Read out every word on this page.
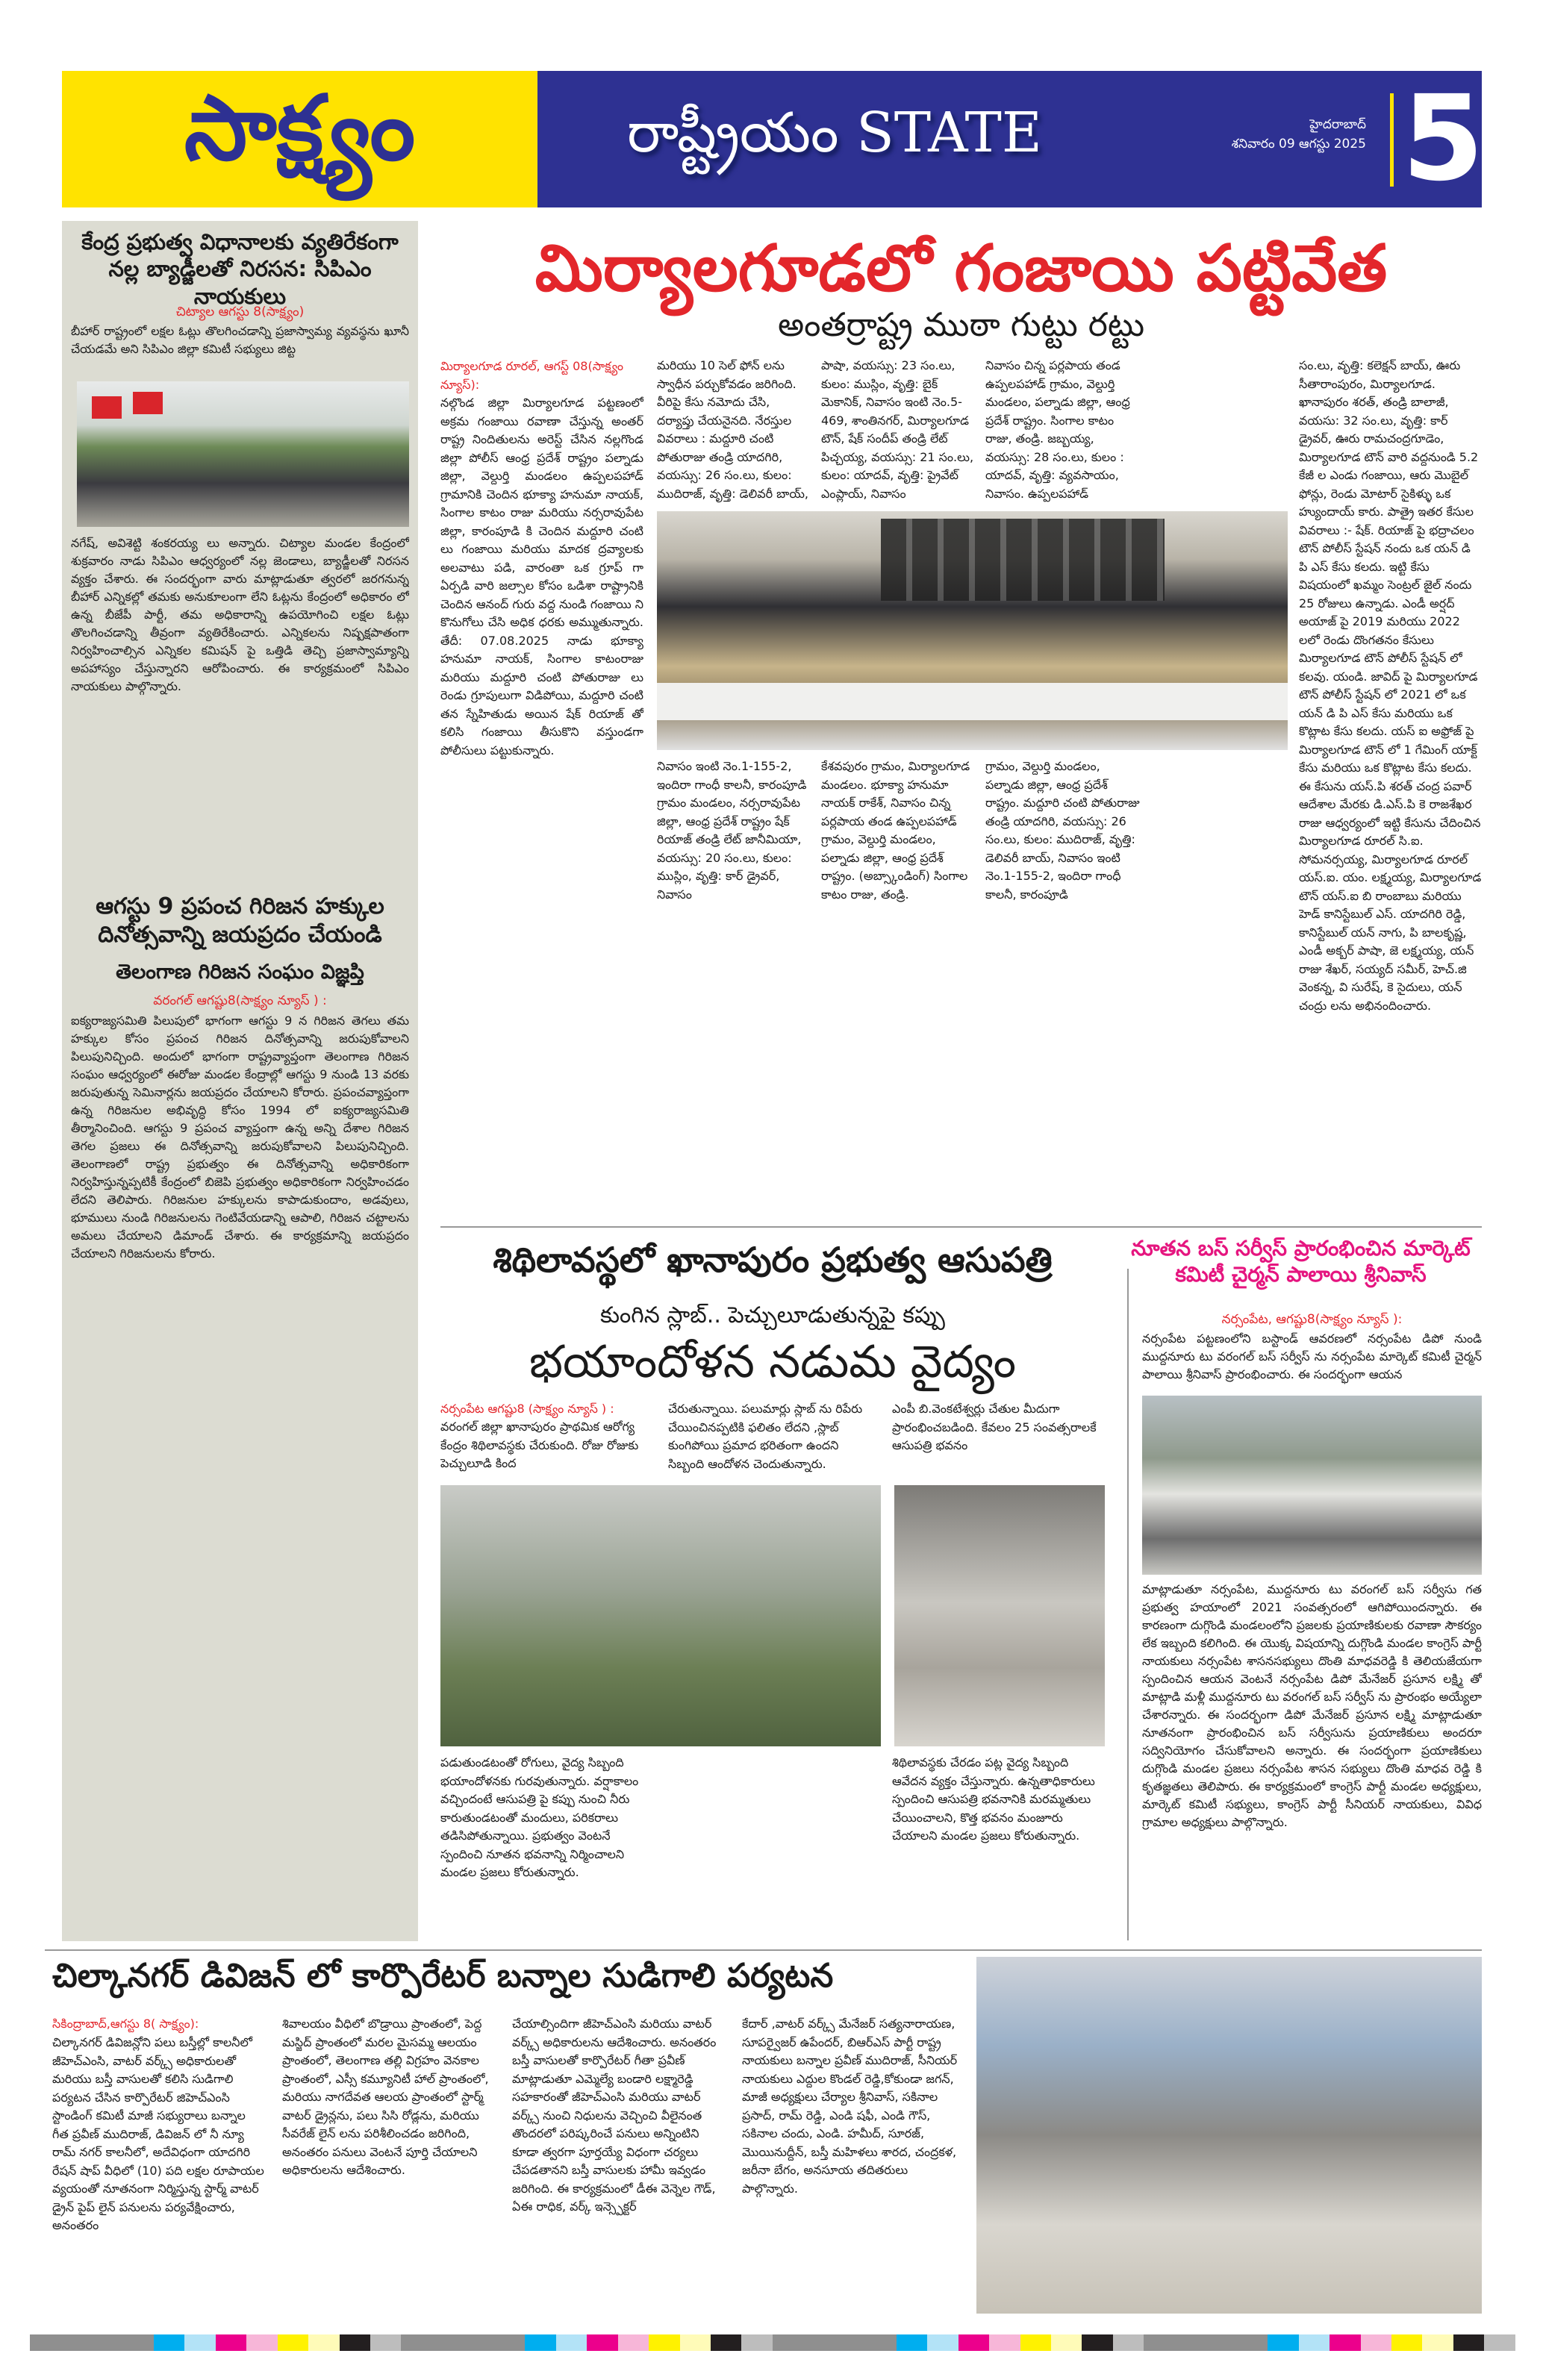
సాక్ష్యం	రాష్ట్రీయం STATE	హైదరాబాద్
శనివారం 09 ఆగస్టు 2025 5
కేంద్ర ప్రభుత్వ విధానాలకు వ్యతిరేకంగా నల్ల బ్యాడ్జీలతో నిరసన: సిపిఎం నాయకులు
చిట్యాల ఆగస్టు 8(సాక్ష్యం)
బీహార్ రాష్ట్రంలో లక్షల ఓట్లు తొలగించడాన్ని ప్రజాస్వామ్య వ్యవస్థను ఖూనీ చేయడమే అని సిపిఎం జిల్లా కమిటీ సభ్యులు జిట్ట
నగేష్, అవిశెట్టి శంకరయ్య లు అన్నారు. చిట్యాల మండల కేంద్రంలో శుక్రవారం నాడు సిపిఎం ఆధ్వర్యంలో నల్ల జెండాలు, బ్యాడ్జీలతో నిరసన వ్యక్తం చేశారు. ఈ సందర్భంగా వారు మాట్లాడుతూ త్వరలో జరగనున్న బీహార్ ఎన్నికల్లో తమకు అనుకూలంగా లేని ఓట్లను కేంద్రంలో అధికారం లో ఉన్న బీజేపీ పార్టీ, తమ అధికారాన్ని ఉపయోగించి లక్షల ఓట్లు తొలగించడాన్ని తీవ్రంగా వ్యతిరేకించారు. ఎన్నికలను నిష్పక్షపాతంగా నిర్వహించాల్సిన ఎన్నికల కమిషన్ పై ఒత్తిడి తెచ్చి ప్రజాస్వామ్యాన్ని అపహాస్యం చేస్తున్నారని ఆరోపించారు. ఈ కార్యక్రమంలో సిపిఎం నాయకులు పాల్గొన్నారు.
ఆగస్టు 9 ప్రపంచ గిరిజన హక్కుల దినోత్సవాన్ని జయప్రదం చేయండి
తెలంగాణ గిరిజన సంఘం విజ్ఞప్తి
వరంగల్ ఆగష్టు8(సాక్ష్యం న్యూస్ ) :
ఐక్యరాజ్యసమితి పిలుపులో భాగంగా ఆగస్టు 9 న గిరిజన తెగలు తమ హక్కుల కోసం ప్రపంచ గిరిజన దినోత్సవాన్ని జరుపుకోవాలని పిలుపునిచ్చింది. అందులో భాగంగా రాష్ట్రవ్యాప్తంగా తెలంగాణ గిరిజన సంఘం ఆధ్వర్యంలో ఈరోజు మండల కేంద్రాల్లో ఆగస్టు 9 నుండి 13 వరకు జరుపుతున్న సెమినార్లను జయప్రదం చేయాలని కోరారు. ప్రపంచవ్యాప్తంగా ఉన్న గిరిజనుల అభివృద్ధి కోసం 1994 లో ఐక్యరాజ్యసమితి తీర్మానించింది. ఆగస్టు 9 ప్రపంచ వ్యాప్తంగా ఉన్న అన్ని దేశాల గిరిజన తెగల ప్రజలు ఈ దినోత్సవాన్ని జరుపుకోవాలని పిలుపునిచ్చింది. తెలంగాణలో రాష్ట్ర ప్రభుత్వం ఈ దినోత్సవాన్ని అధికారికంగా నిర్వహిస్తున్నప్పటికీ కేంద్రంలో బిజెపి ప్రభుత్వం అధికారికంగా నిర్వహించడం లేదని తెలిపారు. గిరిజనుల హక్కులను కాపాడుకుందాం, అడవులు, భూములు నుండి గిరిజనులను గెంటివేయడాన్ని ఆపాలి, గిరిజన చట్టాలను అమలు చేయాలని డిమాండ్ చేశారు. ఈ కార్యక్రమాన్ని జయప్రదం చేయాలని గిరిజనులను కోరారు.
మిర్యాలగూడలో గంజాయి పట్టివేత
అంతర్రాష్ట్ర ముఠా గుట్టు రట్టు
మిర్యాలగూడ రూరల్, ఆగస్ట్ 08(సాక్ష్యం న్యూస్):
నల్గొండ జిల్లా మిర్యాలగూడ పట్టణంలో అక్రమ గంజాయి రవాణా చేస్తున్న అంతర్ రాష్ట్ర నిందితులను అరెస్ట్ చేసిన నల్లగొండ జిల్లా పోలీస్ ఆంధ్ర ప్రదేశ్ రాష్ట్రం పల్నాడు జిల్లా, వెల్దుర్తి మండలం ఉప్పలపహాడ్ గ్రామానికి చెందిన భూక్యా హనుమా నాయక్, సింగాల కాటం రాజు మరియు నర్సరావుపేట జిల్లా, కారంపూడి కి చెందిన మద్దూరి చంటి లు గంజాయి మరియు మాదక ద్రవ్యాలకు అలవాటు పడి, వారంతా ఒక గ్రూప్ గా ఏర్పడి వారి జల్సాల కోసం ఒడిశా రాష్ట్రానికి చెందిన ఆనంద్ గురు వద్ద నుండి గంజాయి ని కొనుగోలు చేసి అధిక ధరకు అమ్ముతున్నారు. తేదీ: 07.08.2025 నాడు భూక్యా హనుమా నాయక్, సింగాల కాటంరాజు మరియు మద్దూరి చంటి పోతురాజు లు రెండు గ్రూపులుగా విడిపోయి, మద్దూరి చంటి తన స్నేహితుడు అయిన షేక్ రియాజ్ తో కలిసి గంజాయి తీసుకొని వస్తుండగా పోలీసులు పట్టుకున్నారు.
మరియు 10 సెల్ ఫోన్ లను స్వాధీన పర్చుకోవడం జరిగింది. వీరిపై కేసు నమోదు చేసి, దర్యాప్తు చేయనైనది. నేరస్తుల వివరాలు : మద్దూరి చంటి పోతురాజు తండ్రి యాదగిరి, వయస్సు: 26 సం.లు, కులం: ముదిరాజ్, వృత్తి: డెలివరీ బాయ్,
పాషా, వయస్సు: 23 సం.లు, కులం: ముస్లిం, వృత్తి: బైక్ మెకానిక్, నివాసం ఇంటి నెం.5-469, శాంతినగర్, మిర్యాలగూడ టౌన్, షేక్ సందీప్ తండ్రి లేట్ పిచ్చయ్య, వయస్సు: 21 సం.లు, కులం: యాదవ్, వృత్తి: ప్రైవేట్ ఎంప్లాయ్, నివాసం
నివాసం చిన్న పర్లపాయ తండ ఉప్పలపహాడ్ గ్రామం, వెల్దుర్తి మండలం, పల్నాడు జిల్లా, ఆంధ్ర ప్రదేశ్ రాష్ట్రం. సింగాల కాటం రాజు, తండ్రి. జబ్బయ్య, వయస్సు: 28 సం.లు, కులం : యాదవ్, వృత్తి: వ్యవసాయం, నివాసం. ఉప్పలపహాడ్
సం.లు, వృత్తి: కలెక్షన్ బాయ్, ఊరు సీతారాంపురం, మిర్యాలగూడ. ఖానాపురం శరత్, తండ్రి బాలాజీ, వయసు: 32 సం.లు, వృత్తి: కార్ డ్రైవర్, ఊరు రామచంద్రగూడెం, మిర్యాలగూడ టౌన్ వారి వద్దనుండి 5.2 కేజీ ల ఎండు గంజాయి, ఆరు మొబైల్ ఫోన్లు, రెండు మోటార్ సైకిళ్ళు ఒక హ్యుందాయ్ కారు. పాత్రై ఇతర కేసుల వివరాలు :- షేక్. రియాజ్ పై భద్రాచలం టౌన్ పోలీస్ స్టేషన్ నందు ఒక యన్ డి పి ఎస్ కేసు కలదు. ఇట్టి కేసు విషయంలో ఖమ్మం సెంట్రల్ జైల్ నందు 25 రోజులు ఉన్నాడు. ఎండీ అర్షద్ అయాజ్ పై 2019 మరియు 2022 లలో రెండు దొంగతనం కేసులు మిర్యాలగూడ టౌన్ పోలీస్ స్టేషన్ లో కలవు. యండి. జావిద్ పై మిర్యాలగూడ టౌన్ పోలీస్ స్టేషన్ లో 2021 లో ఒక యన్ డి పి ఎస్ కేసు మరియు ఒక కొట్లాట కేసు కలదు. యస్ ఐ అఫ్రోజ్ పై మిర్యాలగూడ టౌన్ లో 1 గేమింగ్ యాక్ట్ కేసు మరియు ఒక కొట్లాట కేసు కలదు. ఈ కేసును యస్.పి శరత్ చంద్ర పవార్ ఆదేశాల మేరకు డి.ఎస్.పి కె రాజశేఖర రాజు ఆధ్వర్యంలో ఇట్టి కేసును చేదించిన మిర్యాలగూడ రూరల్ సి.ఐ. సోమనర్సయ్య, మిర్యాలగూడ రూరల్ యస్.ఐ. యం. లక్ష్మయ్య, మిర్యాలగూడ టౌన్ యస్.ఐ బి రాంబాబు మరియు హెడ్ కానిస్టేబుల్ ఎస్. యాదగిరి రెడ్డి, కానిస్టేబుల్ యన్ నాగు, పి బాలకృష్ణ, ఎండీ అక్బర్ పాషా, జె లక్ష్మయ్య, యన్ రాజు శేఖర్, సయ్యద్ సమీర్, హెచ్.జి వెంకన్న, వి సురేష్, కె సైదులు, యన్ చంద్రు లను అభినందించారు.
నివాసం ఇంటి నెం.1-155-2, ఇందిరా గాంధీ కాలనీ, కారంపూడి గ్రామం మండలం, నర్సరావుపేట జిల్లా, ఆంధ్ర ప్రదేశ్ రాష్ట్రం షేక్ రియాజ్ తండ్రి లేట్ జానీమియా, వయస్సు: 20 సం.లు, కులం: ముస్లిం, వృత్తి: కార్ డ్రైవర్, నివాసం
కేశవపురం గ్రామం, మిర్యాలగూడ మండలం. భూక్యా హనుమా నాయక్ రాకేశ్, నివాసం చిన్న పర్లపాయ తండ ఉప్పలపహాడ్ గ్రామం, వెల్దుర్తి మండలం, పల్నాడు జిల్లా, ఆంధ్ర ప్రదేశ్ రాష్ట్రం. (అబ్స్కాండింగ్) సింగాల కాటం రాజు, తండ్రి.
గ్రామం, వెల్దుర్తి మండలం, పల్నాడు జిల్లా, ఆంధ్ర ప్రదేశ్ రాష్ట్రం. మద్దూరి చంటి పోతురాజు తండ్రి యాదగిరి, వయస్సు: 26 సం.లు, కులం: ముదిరాజ్, వృత్తి: డెలివరీ బాయ్, నివాసం ఇంటి నెం.1-155-2, ఇందిరా గాంధీ కాలనీ, కారంపూడి
శిథిలావస్థలో ఖానాపురం ప్రభుత్వ ఆసుపత్రి
కుంగిన స్లాబ్.. పెచ్చులూడుతున్నపై కప్పు
భయాందోళన నడుమ వైద్యం
నర్సంపేట ఆగష్టు8 (సాక్ష్యం న్యూస్ ) :
వరంగల్ జిల్లా ఖానాపురం ప్రాథమిక ఆరోగ్య కేంద్రం శిథిలావస్థకు చేరుకుంది. రోజు రోజుకు పెచ్చులూడి కింద
చేరుతున్నాయి. పలుమార్లు స్లాబ్ ను రిపేరు చేయించినప్పటికి ఫలితం లేదని ,స్లాబ్ కుంగిపోయి ప్రమాద భరితంగా ఉందని సిబ్బంది ఆందోళన చెందుతున్నారు.
ఎంపీ బి.వెంకటేశ్వర్లు చేతుల మీదుగా ప్రారంభించబడింది. కేవలం 25 సంవత్సరాలకే ఆసుపత్రి భవనం
పడుతుండటంతో రోగులు, వైద్య సిబ్బంది భయాందోళనకు గురవుతున్నారు. వర్షాకాలం వచ్చిందంటే ఆసుపత్రి పై కప్పు నుంచి నీరు కారుతుండటంతో మందులు, పరికరాలు తడిసిపోతున్నాయి. ప్రభుత్వం వెంటనే స్పందించి నూతన భవనాన్ని నిర్మించాలని మండల ప్రజలు కోరుతున్నారు.
శిథిలావస్థకు చేరడం పట్ల వైద్య సిబ్బంది ఆవేదన వ్యక్తం చేస్తున్నారు. ఉన్నతాధికారులు స్పందించి ఆసుపత్రి భవనానికి మరమ్మతులు చేయించాలని, కొత్త భవనం మంజూరు చేయాలని మండల ప్రజలు కోరుతున్నారు.
నూతన బస్ సర్వీస్ ప్రారంభించిన మార్కెట్ కమిటీ చైర్మన్ పాలాయి శ్రీనివాస్
నర్సంపేట, ఆగష్టు8(సాక్ష్యం న్యూస్ ):
నర్సంపేట పట్టణంలోని బస్టాండ్ ఆవరణలో నర్సంపేట డిపో నుండి ముద్దనూరు టు వరంగల్ బస్ సర్వీస్ ను నర్సంపేట మార్కెట్ కమిటీ చైర్మన్ పాలాయి శ్రీనివాస్ ప్రారంభించారు. ఈ సందర్భంగా ఆయన
మాట్లాడుతూ నర్సంపేట, ముద్దనూరు టు వరంగల్ బస్ సర్వీసు గత ప్రభుత్వ హయాంలో 2021 సంవత్సరంలో ఆగిపోయిందన్నారు. ఈ కారణంగా దుగ్గొండి మండలంలోని ప్రజలకు ప్రయాణికులకు రవాణా సౌకర్యం లేక ఇబ్బంది కలిగింది. ఈ యొక్క విషయాన్ని దుగ్గొండి మండల కాంగ్రెస్ పార్టీ నాయకులు నర్సంపేట శాసనసభ్యులు దొంతి మాధవరెడ్డి కి తెలియజేయగా స్పందించిన ఆయన వెంటనే నర్సంపేట డిపో మేనేజర్ ప్రసూన లక్ష్మి తో మాట్లాడి మళ్లీ ముద్దనూరు టు వరంగల్ బస్ సర్వీస్ ను ప్రారంభం అయ్యేలా చేశారన్నారు. ఈ సందర్భంగా డిపో మేనేజర్ ప్రసూన లక్ష్మి మాట్లాడుతూ నూతనంగా ప్రారంభించిన బస్ సర్వీసును ప్రయాణికులు అందరూ సద్వినియోగం చేసుకోవాలని అన్నారు. ఈ సందర్భంగా ప్రయాణికులు దుగ్గొండి మండల ప్రజలు నర్సంపేట శాసన సభ్యులు దొంతి మాధవ రెడ్డి కి కృతజ్ఞతలు తెలిపారు. ఈ కార్యక్రమంలో కాంగ్రెస్ పార్టీ మండల అధ్యక్షులు, మార్కెట్ కమిటీ సభ్యులు, కాంగ్రెస్ పార్టీ సీనియర్ నాయకులు, వివిధ గ్రామాల అధ్యక్షులు పాల్గొన్నారు.
చిల్కానగర్ డివిజన్ లో కార్పొరేటర్ బన్నాల సుడిగాలి పర్యటన
సికింద్రాబాద్,ఆగస్టు 8( సాక్ష్యం):
చిల్కానగర్ డివిజన్లోని పలు బస్తీల్లో కాలనీలో జీహెచ్ఎంసి, వాటర్ వర్క్స్ అధికారులతో మరియు బస్తీ వాసులతో కలిసి సుడిగాలి పర్యటన చేసిన కార్పొరేటర్ జిహెచ్ఎంసి స్టాండింగ్ కమిటీ మాజీ సభ్యురాలు బన్నాల గీత ప్రవీణ్ ముదిరాజ్, డివిజన్ లో నీ న్యూ రామ్ నగర్ కాలనీలో, అదేవిధంగా యాదగిరి రేషన్ షాప్ వీధిలో (10) పది లక్షల రూపాయల వ్యయంతో నూతనంగా నిర్మిస్తున్న స్టార్మ్ వాటర్ డ్రైన్ పైప్ లైన్ పనులను పర్యవేక్షించారు, అనంతరం
శివాలయం వీధిలో బొడ్రాయి ప్రాంతంలో, పెద్ద మస్జిద్ ప్రాంతంలో మరల మైసమ్మ ఆలయం ప్రాంతంలో, తెలంగాణ తల్లి విగ్రహం వెనకాల ప్రాంతంలో, ఎస్సీ కమ్యూనిటీ హాల్ ప్రాంతంలో, మరియు నాగదేవత ఆలయ ప్రాంతంలో స్టార్మ్ వాటర్ డ్రైన్లను, పలు సిసి రోడ్లను, మరియు సీవరేజ్ లైన్ లను పరిశీలించడం జరిగింది, అనంతరం పనులు వెంటనే పూర్తి చేయాలని అధికారులను ఆదేశించారు.
చేయాల్సిందిగా జీహెచ్ఎంసి మరియు వాటర్ వర్క్స్ అధికారులను ఆదేశించారు. అనంతరం బస్తీ వాసులతో కార్పొరేటర్ గీతా ప్రవీణ్ మాట్లాడుతూ ఎమ్మెల్యే బండారి లక్ష్మారెడ్డి సహకారంతో జీహెచ్ఎంసి మరియు వాటర్ వర్క్స్ నుంచి నిధులను వెచ్చించి వీలైనంత తొందరలో పరిష్కరించే పనులు అన్నింటిని కూడా త్వరగా పూర్తయ్యే విధంగా చర్యలు చేపడతానని బస్తీ వాసులకు హామీ ఇవ్వడం జరిగింది. ఈ కార్యక్రమంలో డీఈ వెన్నెల గౌడ్, ఏఈ రాధిక, వర్క్ ఇన్స్పెక్టర్
కేదార్ ,వాటర్ వర్క్స్ మేనేజర్ సత్యనారాయణ, సూపర్వైజర్ ఉపేందర్, బిఆర్ఎస్ పార్టీ రాష్ట్ర నాయకులు బన్నాల ప్రవీణ్ ముదిరాజ్, సీనియర్ నాయకులు ఎద్దుల కొండల్ రెడ్డి,కోకుండా జగన్, మాజీ అధ్యక్షులు చేర్యాల శ్రీనివాస్, సకినాల ప్రసాద్, రామ్ రెడ్డి, ఎండి షఫీ, ఎండి గౌస్, సకినాల చందు, ఎండి. హమీద్, సూరజ్, మొయినుద్దీన్, బస్తీ మహిళలు శారద, చంద్రకళ, జరీనా బేగం, అనసూయ తదితరులు పాల్గొన్నారు.
